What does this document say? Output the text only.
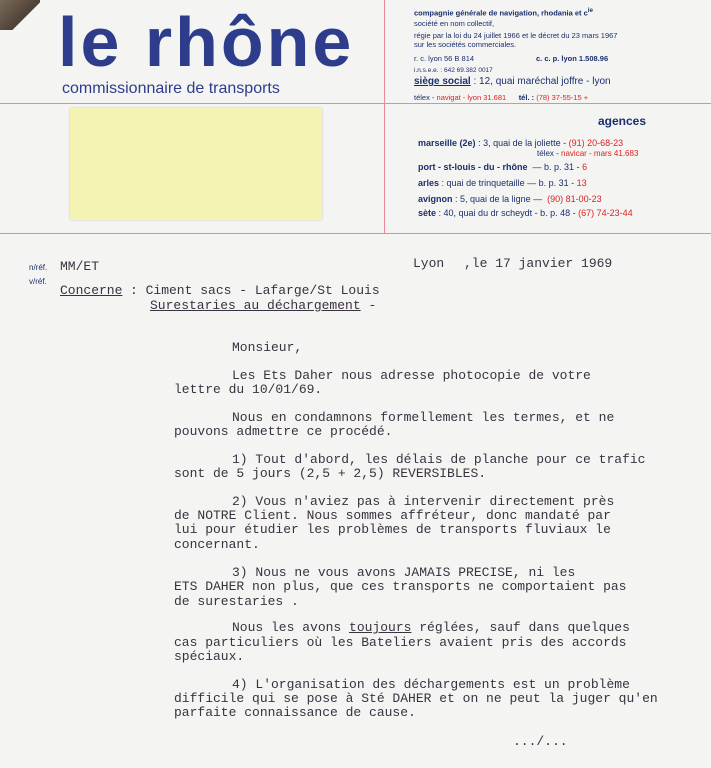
le rhône
commissionnaire de transports
compagnie générale de navigation, rhodania et $c^{ie}$
société en nom collectif,
régie par la loi du 24 juillet 1966 et le décret du 23 mars 1967
sur les sociétés commerciales.
r. c. lyon 56 B 814	c. c. p. lyon 1.508.96
i.n.s.e.e. : 642 69.382 0017
siège social : 12, quai maréchal joffre - lyon
télex - navigat - lyon 31.681 tél. : (78) 37-55-15 +
agences
marseille (2e) : 3, quai de la joliette - (91) 20-68-23
télex - navicar - mars 41.683
port - st-louis - du - rhône — b. p. 31 - 6
arles : quai de trinquetaille — b. p. 31 - 13
avignon : 5, quai de la ligne — (90) 81-00-23
sète : 40, quai du dr scheydt - b. p. 48 - (67) 74-23-44
n/réf. MM/ET
v/réf.
Lyon ,le 17 janvier 1969
Concerne : Ciment sacs - Lafarge/St Louis
Surestaries au déchargement -
Monsieur,
Les Ets Daher nous adresse photocopie de votre
lettre du 10/01/69.
Nous en condamnons formellement les termes, et ne
pouvons admettre ce procédé.
1) Tout d'abord, les délais de planche pour ce trafic
sont de 5 jours (2,5 + 2,5) REVERSIBLES.
2) Vous n'aviez pas à intervenir directement près
de NOTRE Client. Nous sommes affréteur, donc mandaté par
lui pour étudier les problèmes de transports fluviaux le
concernant.
3) Nous ne vous avons JAMAIS PRECISE, ni les
ETS DAHER non plus, que ces transports ne comportaient pas
de surestaries .
Nous les avons toujours réglées, sauf dans quelques
cas particuliers où les Bateliers avaient pris des accords
spéciaux.
4) L'organisation des déchargements est un problème
difficile qui se pose à Sté DAHER et on ne peut la juger qu'en
parfaite connaissance de cause.
.../...
